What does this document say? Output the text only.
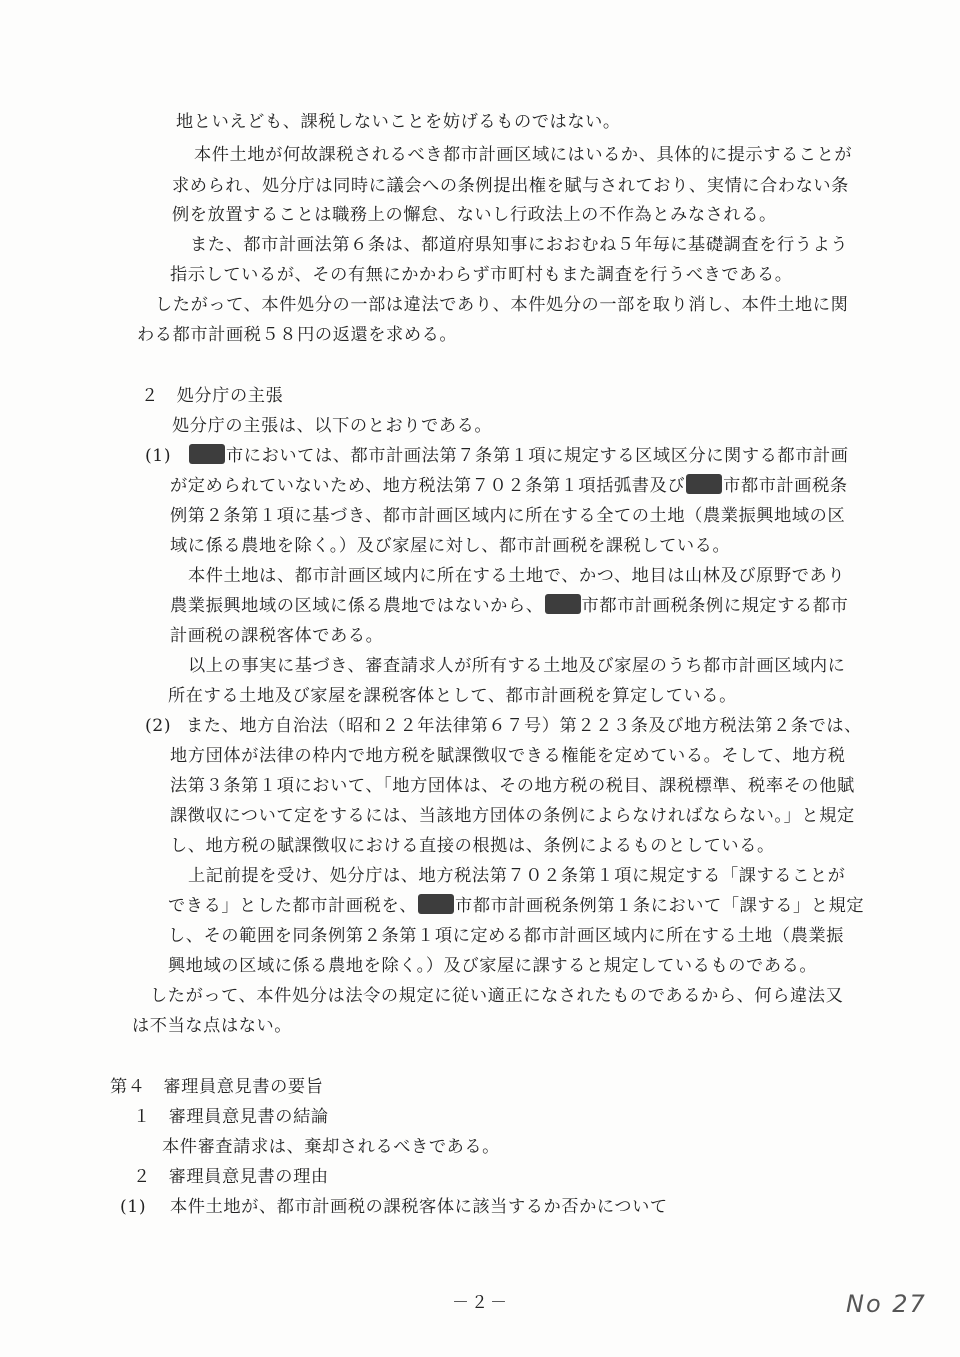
地といえども、課税しないことを妨げるものではない。
本件土地が何故課税されるべき都市計画区域にはいるか、具体的に提示することが
求められ、処分庁は同時に議会への条例提出権を賦与されており、実情に合わない条
例を放置することは職務上の懈怠、ないし行政法上の不作為とみなされる。
また、都市計画法第６条は、都道府県知事におおむね５年毎に基礎調査を行うよう
指示しているが、その有無にかかわらず市町村もまた調査を行うべきである。
したがって、本件処分の一部は違法であり、本件処分の一部を取り消し、本件土地に関
わる都市計画税５８円の返還を求める。
２　処分庁の主張
処分庁の主張は、以下のとおりである。
(1)	市においては、都市計画法第７条第１項に規定する区域区分に関する都市計画
が定められていないため、地方税法第７０２条第１項括弧書及び 市都市計画税条
例第２条第１項に基づき、都市計画区域内に所在する全ての土地（農業振興地域の区
域に係る農地を除く。）及び家屋に対し、都市計画税を課税している。
本件土地は、都市計画区域内に所在する土地で、かつ、地目は山林及び原野であり
農業振興地域の区域に係る農地ではないから、 市都市計画税条例に規定する都市
計画税の課税客体である。
以上の事実に基づき、審査請求人が所有する土地及び家屋のうち都市計画区域内に
所在する土地及び家屋を課税客体として、都市計画税を算定している。
(2) また、地方自治法（昭和２２年法律第６７号）第２２３条及び地方税法第２条では、
地方団体が法律の枠内で地方税を賦課徴収できる権能を定めている。そして、地方税
法第３条第１項において、「地方団体は、その地方税の税目、課税標準、税率その他賦
課徴収について定をするには、当該地方団体の条例によらなければならない。」と規定
し、地方税の賦課徴収における直接の根拠は、条例によるものとしている。
上記前提を受け、処分庁は、地方税法第７０２条第１項に規定する「課することが
できる」とした都市計画税を、 市都市計画税条例第１条において「課する」と規定
し、その範囲を同条例第２条第１項に定める都市計画区域内に所在する土地（農業振
興地域の区域に係る農地を除く。）及び家屋に課すると規定しているものである。
したがって、本件処分は法令の規定に従い適正になされたものであるから、何ら違法又
は不当な点はない。
第４　審理員意見書の要旨
１　審理員意見書の結論
本件審査請求は、棄却されるべきである。
２　審理員意見書の理由
(1) 本件土地が、都市計画税の課税客体に該当するか否かについて
－２－	No 27
